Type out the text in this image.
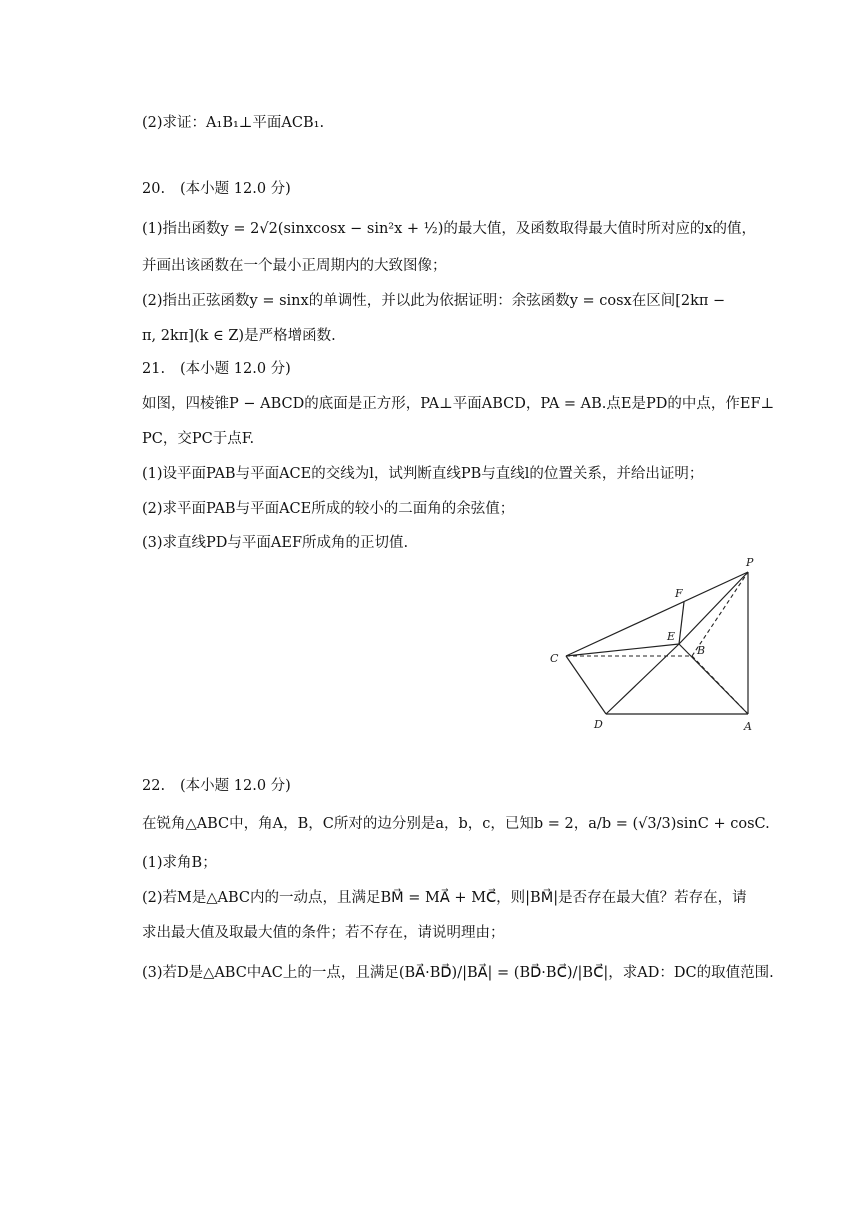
(2)求证：A₁B₁⊥平面ACB₁.
20. (本小题 12.0 分)
(1)指出函数y = 2√2(sinxcosx − sin²x + ½)的最大值，及函数取得最大值时所对应的x的值，
并画出该函数在一个最小正周期内的大致图像；
(2)指出正弦函数y = sinx的单调性，并以此为依据证明：余弦函数y = cosx在区间[2kπ −
π, 2kπ](k ∈ Z)是严格增函数.
21. (本小题 12.0 分)
如图，四棱锥P − ABCD的底面是正方形，PA⊥平面ABCD，PA = AB.点E是PD的中点，作EF⊥
PC，交PC于点F.
(1)设平面PAB与平面ACE的交线为l，试判断直线PB与直线l的位置关系，并给出证明；
(2)求平面PAB与平面ACE所成的较小的二面角的余弦值；
(3)求直线PD与平面AEF所成角的正切值.
P
F
E
B
C
D	A
22. (本小题 12.0 分)
在锐角△ABC中，角A，B，C所对的边分别是a，b，c，已知b = 2，a/b = (√3/3)sinC + cosC.
(1)求角B；
(2)若M是△ABC内的一动点，且满足BM⃗ = MA⃗ + MC⃗，则|BM⃗|是否存在最大值？若存在，请
求出最大值及取最大值的条件；若不存在，请说明理由；
(3)若D是△ABC中AC上的一点，且满足(BA⃗·BD⃗)/|BA⃗| = (BD⃗·BC⃗)/|BC⃗|，求AD：DC的取值范围.
